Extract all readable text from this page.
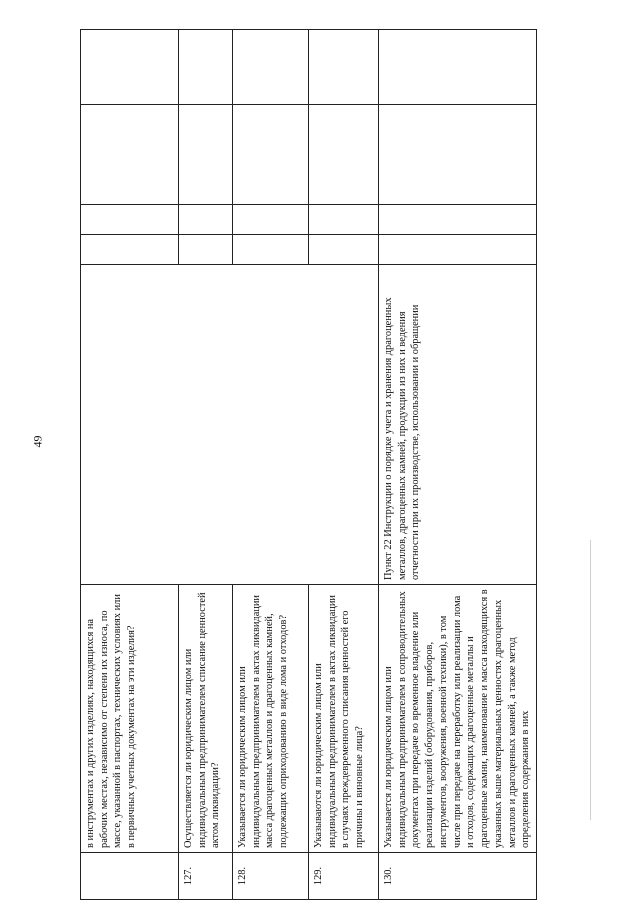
49
	в инструментах и других изделиях, находящихся на рабочих местах, независимо от степени их износа, по массе, указанной в паспортах, технических условиях или в первичных учетных документах на эти изделия?					
127.	Осуществляется ли юридическим лицом или индивидуальным предпринимателем списание ценностей актом ликвидации?					
128.	Указывается ли юридическим лицом или индивидуальным предпринимателем в актах ликвидации масса драгоценных металлов и драгоценных камней, подлежащих оприходованию в виде лома и отходов?					
129.	Указываются ли юридическим лицом или индивидуальным предпринимателем в актах ликвидации в случаях преждевременного списания ценностей его причины и виновные лица?					
130.	Указывается ли юридическим лицом или индивидуальным предпринимателем в сопроводительных документах при передаче во временное владение или реализации изделий (оборудования, приборов, инструментов, вооружения, военной техники), в том числе при передаче на переработку или реализации лома и отходов, содержащих драгоценные металлы и драгоценные камни, наименование и масса находящихся в указанных выше материальных ценностях драгоценных металлов и драгоценных камней, а также метод определения содержания в них	Пункт 22 Инструкции о порядке учета и хранения драгоценных металлов, драгоценных камней, продукции из них и ведения отчетности при их производстве, использовании и обращении				
